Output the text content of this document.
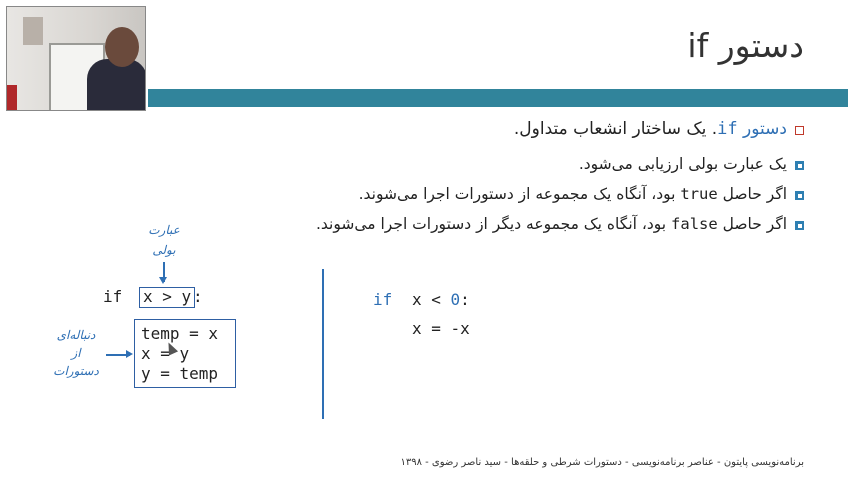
دستور if
دستور if. یک ساختار انشعاب متداول.
یک عبارت بولی ارزیابی می‌شود.
اگر حاصل true بود، آنگاه یک مجموعه از دستورات اجرا می‌شوند.
اگر حاصل false بود، آنگاه یک مجموعه دیگر از دستورات اجرا می‌شوند.
عبارت
بولی
if x > y :
دنباله‌ای
از
دستورات
temp = x
x = y
y = temp
if x < 0:
x = -x
برنامه‌نویسی پایتون - عناصر برنامه‌نویسی - دستورات شرطی و حلقه‌ها - سید ناصر رضوی - ۱۳۹۸
